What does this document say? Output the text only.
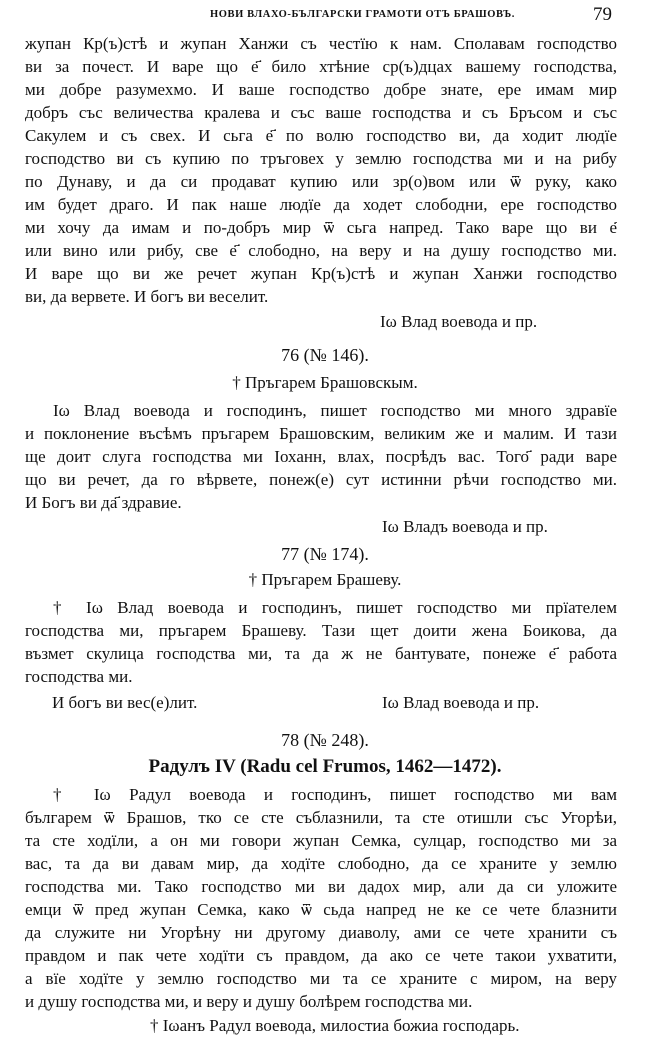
НОВИ ВЛАХО-БЪЛГАРСКИ ГРАМОТИ ОТЪ БРАШОВЪ.	79
жупан Кр(ъ)стѣ и жупан Ханжи съ честїю к нам. Сполавам господство
ви за почест. И варе що е҃ било хтѣние ср(ъ)дцах вашему господства,
ми добре разумехмо. И ваше господство добре знате, ере имам мир
добръ със величества кралева и със ваше господства и съ Бръсом и със
Сакулем и съ свех. И сьга е҃ по волю господство ви, да ходит людїе
господство ви съ купию по тръговех у землю господства ми и на рибу
по Дунаву, и да си продават купию или зр(о)вом или ѿ руку, како
им будет драго. И пак наше людїе да ходет слободни, ере господство
ми хочу да имам и по-добръ мир ѿ сьга напред. Тако варе що ви е҃
или вино или рибу, све е҃ слободно, на веру и на душу господство ми.
И варе що ви же речет жупан Кр(ъ)стѣ и жупан Ханжи господство
ви, да вервете. И богъ ви веселит.
Ιω Влад воевода и пр.
76 (№ 146).
† Пръгарем Брашовскым.
Ιω Влад воевода и господинъ, пишет господство ми много здравїе
и поклонение въсѣмъ пръгарем Брашовским, великим же и малим. И тази
ще доит слуга господства ми Іоханн, влах, посрѣдъ вас. Того҃ ради варе
що ви речет, да го вѣрвете, понеж(е) сут истинни рѣчи господство ми.
И Богъ ви да҃ здравие.
Ιω Владъ воевода и пр.
77 (№ 174).
† Пръгарем Брашеву.
† Ιω Влад воевода и господинъ, пишет господство ми прїателем
господства ми, пръгарем Брашеву. Тази щет доити жена Боикова, да
възмет скулица господства ми, та да ж не бантувате, понеже е҃ работа
господства ми.
И богъ ви вес(е)лит.	Ιω Влад воевода и пр.
78 (№ 248).
Радулъ IV (Radu cel Frumos, 1462—1472).
† Ιω Радул воевода и господинъ, пишет господство ми вам
българем ѿ Брашов, тко се сте съблазнили, та сте отишли със Угорѣи,
та сте ходїли, а он ми говори жупан Семка, сулцар, господство ми за
вас, та да ви давам мир, да ходїте слободно, да се храните у землю
господства ми. Тако господство ми ви дадох мир, али да си уложите
емци ѿ пред жупан Семка, како ѿ сьда напред не ке се чете блазнити
да служите ни Угорѣну ни другому диаволу, ами се чете хранити съ
правдом и пак чете ходїти съ правдом, да ако се чете такои ухватити,
а вїе ходїте у землю господство ми та се храните с миром, на веру
и душу господства ми, и веру и душу болѣрем господства ми.
† Іωанъ Радул воевода, милостиа божиа господарь.
